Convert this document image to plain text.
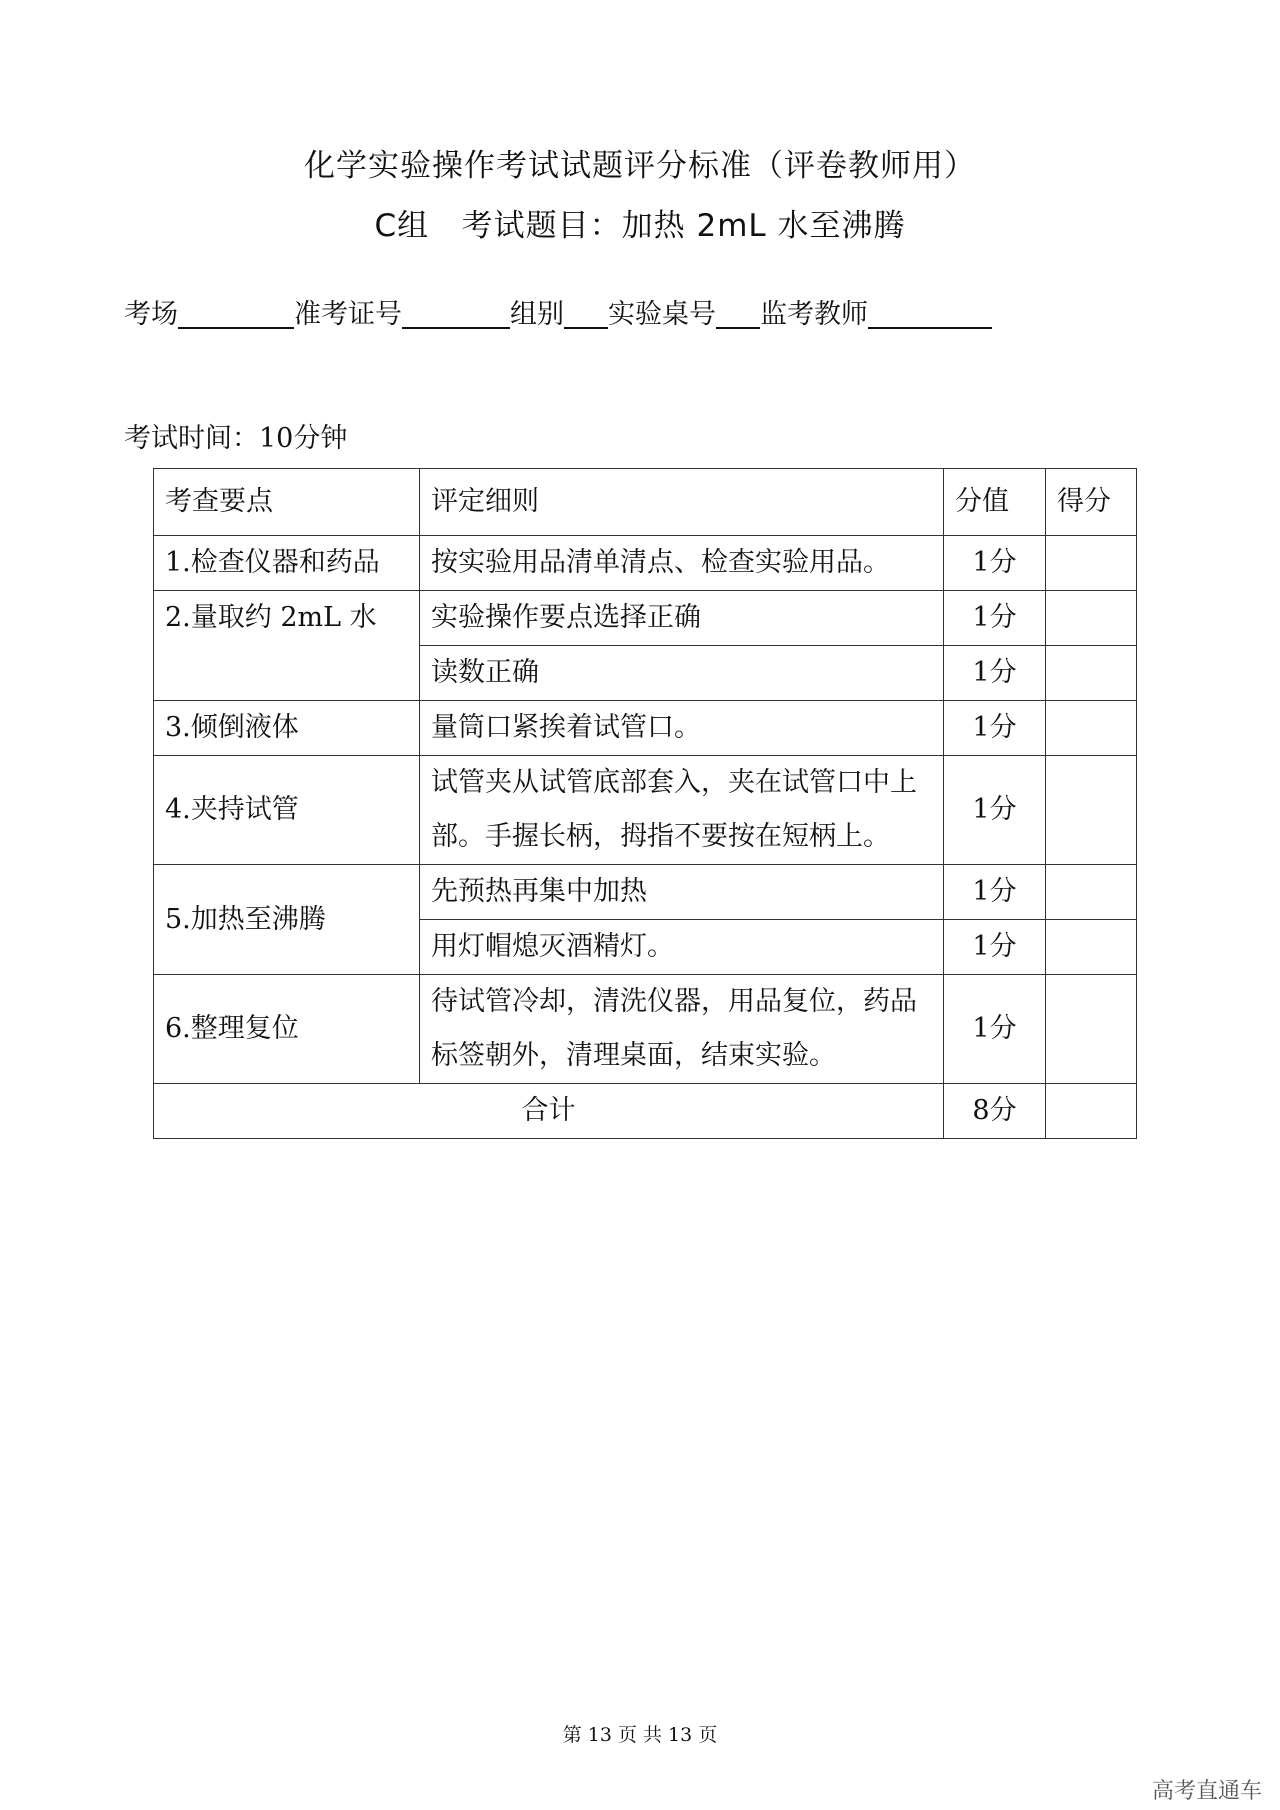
化学实验操作考试试题评分标准（评卷教师用）
C组   考试题目：加热 2mL 水至沸腾
考场	准考证号	组别 实验桌号 监考教师
考试时间：10分钟
考查要点	评定细则	分值	得分
1.检查仪器和药品	按实验用品清单清点、检查实验用品。	1分	
2.量取约 2mL 水	实验操作要点选择正确	1分	
	读数正确	1分	
3.倾倒液体	量筒口紧挨着试管口。	1分	
4.夹持试管	试管夹从试管底部套入，夹在试管口中上部。手握长柄，拇指不要按在短柄上。	1分	
5.加热至沸腾	先预热再集中加热	1分	
	用灯帽熄灭酒精灯。	1分	
6.整理复位	待试管冷却，清洗仪器，用品复位，药品标签朝外，清理桌面，结束实验。	1分	
合计		8分	
第 13 页 共 13 页
高考直通车
